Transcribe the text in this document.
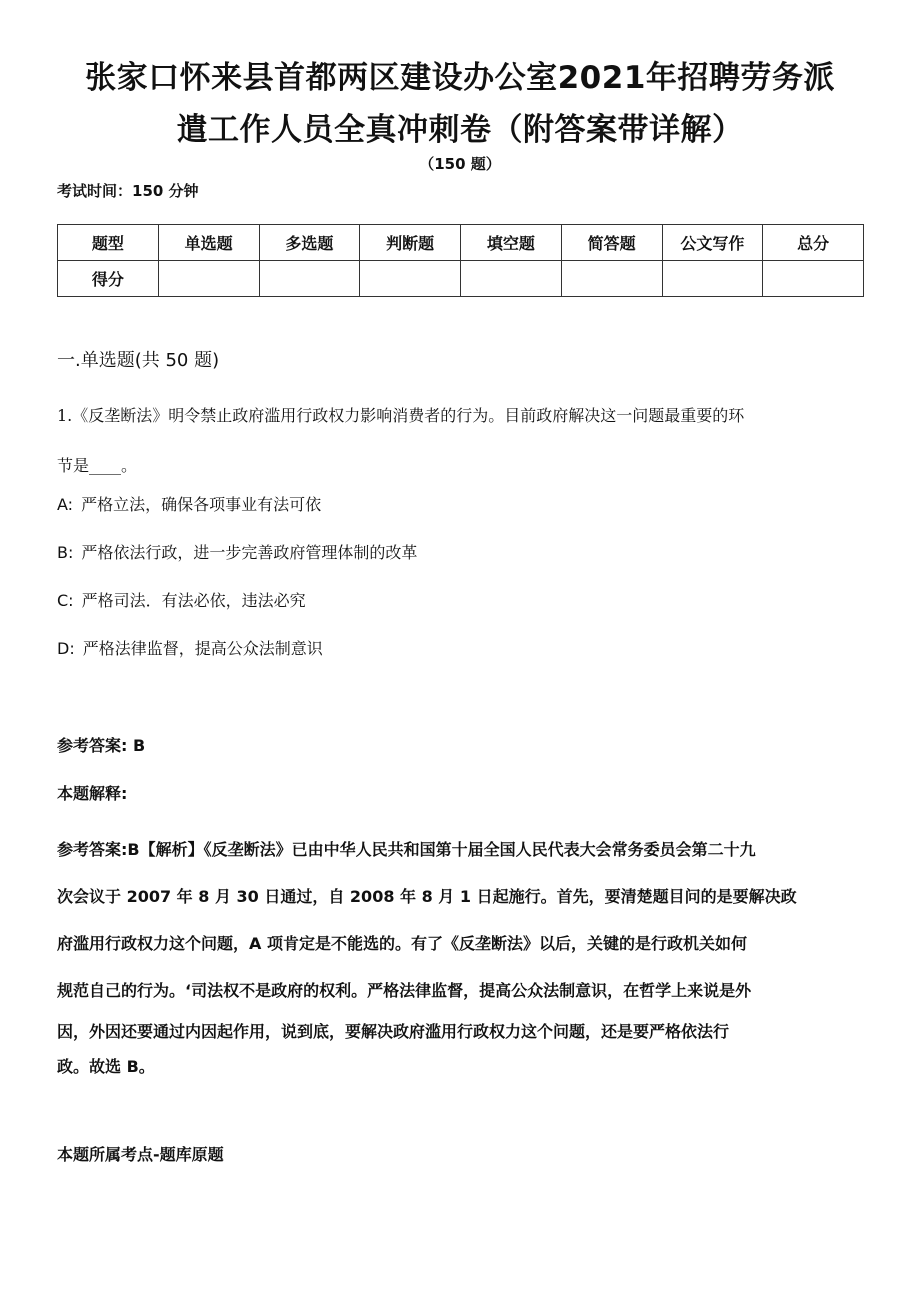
张家口怀来县首都两区建设办公室2021年招聘劳务派
遣工作人员全真冲刺卷（附答案带详解）
（150 题）
考试时间：150 分钟
题型	单选题	多选题	判断题	填空题	简答题	公文写作	总分
得分							
一.单选题(共 50 题)
1.《反垄断法》明令禁止政府滥用行政权力影响消费者的行为。目前政府解决这一问题最重要的环
节是____。
A: 严格立法，确保各项事业有法可依
B: 严格依法行政，进一步完善政府管理体制的改革
C: 严格司法．有法必依，违法必究
D: 严格法律监督，提高公众法制意识
参考答案: B
本题解释:
参考答案:B【解析】《反垄断法》已由中华人民共和国第十届全国人民代表大会常务委员会第二十九
次会议于 2007 年 8 月 30 日通过，自 2008 年 8 月 1 日起施行。首先，要清楚题目问的是要解决政
府滥用行政权力这个问题，A 项肯定是不能选的。有了《反垄断法》以后，关键的是行政机关如何
规范自己的行为。‘司法权不是政府的权利。严格法律监督，提高公众法制意识，在哲学上来说是外
因，外因还要通过内因起作用，说到底，要解决政府滥用行政权力这个问题，还是要严格依法行
政。故选 B。
本题所属考点-题库原题
